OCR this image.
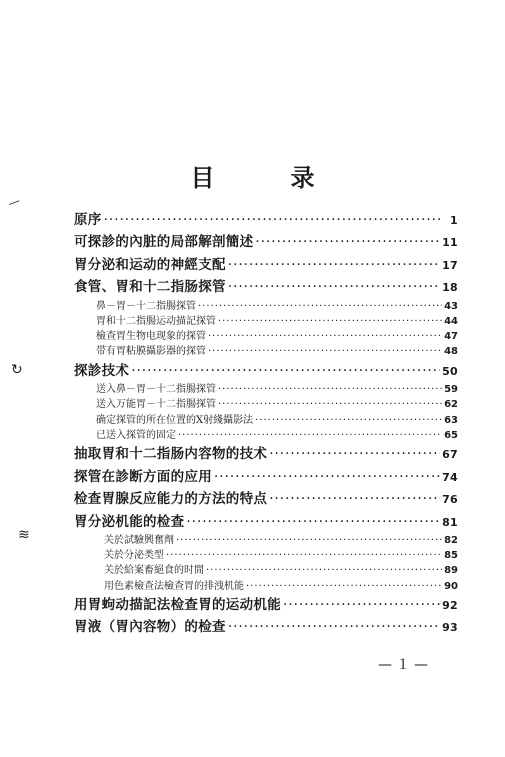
目　录
原序 ·····	1
可探診的內脏的局部解剖簡述 ·····	11
胃分泌和运动的神經支配 ·····	17
食管、胃和十二指肠探管 ·····	18
鼻－胃－十二指腸探管 ·····	43
胃和十二指腸运动描記探管 ·····	44
檢查胃生物电现象的探管 ·····	47
带有胃粘膜攝影器的探管 ·····	48
探診技术 ·····	50
送入鼻－胃－十二指腸探管 ·····	59
送入万能胃－十二指腸探管 ·····	62
确定探管的所在位置的X射綫攝影法 ·····	63
已送入探管的固定 ·····	65
抽取胃和十二指肠内容物的技术 ·····	67
探管在診断方面的应用 ·····	74
检查胃腺反应能力的方法的特点 ·····	76
胃分泌机能的检查 ·····	81
关於試驗興奮劑 ·····	82
关於分泌类型 ·····	85
关於給案畜絕食的时間 ·····	89
用色素檢查法檢查胃的排洩机能 ·····	90
用胃蚼动描記法检查胃的运动机能 ·····	92
胃液（胃內容物）的检查 ·····	93
—１—
—
↻
≋
